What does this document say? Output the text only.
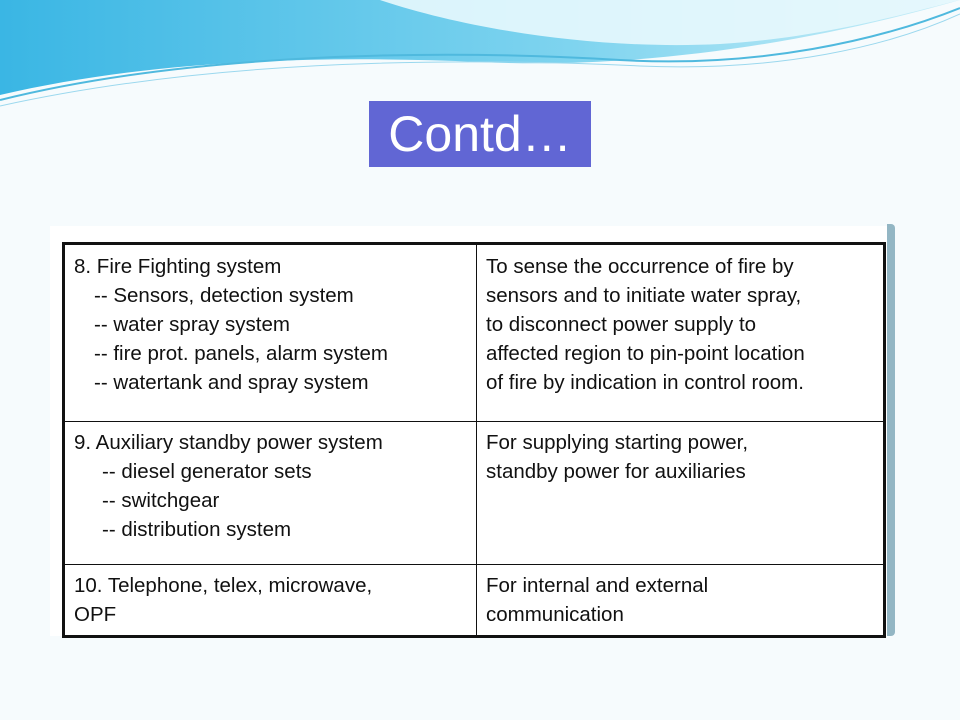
Contd…
8. Fire Fighting system
-- Sensors, detection system
-- water spray system
-- fire prot. panels, alarm system
-- watertank and spray system	To sense the occurrence of fire by
sensors and to initiate water spray,
to disconnect power supply to
affected region to pin-point location
of fire by indication in control room.

9. Auxiliary standby power system
-- diesel generator sets
-- switchgear
-- distribution system	For supplying starting power,
standby power for auxiliaries

10. Telephone, telex, microwave,
OPF	For internal and external
communication
